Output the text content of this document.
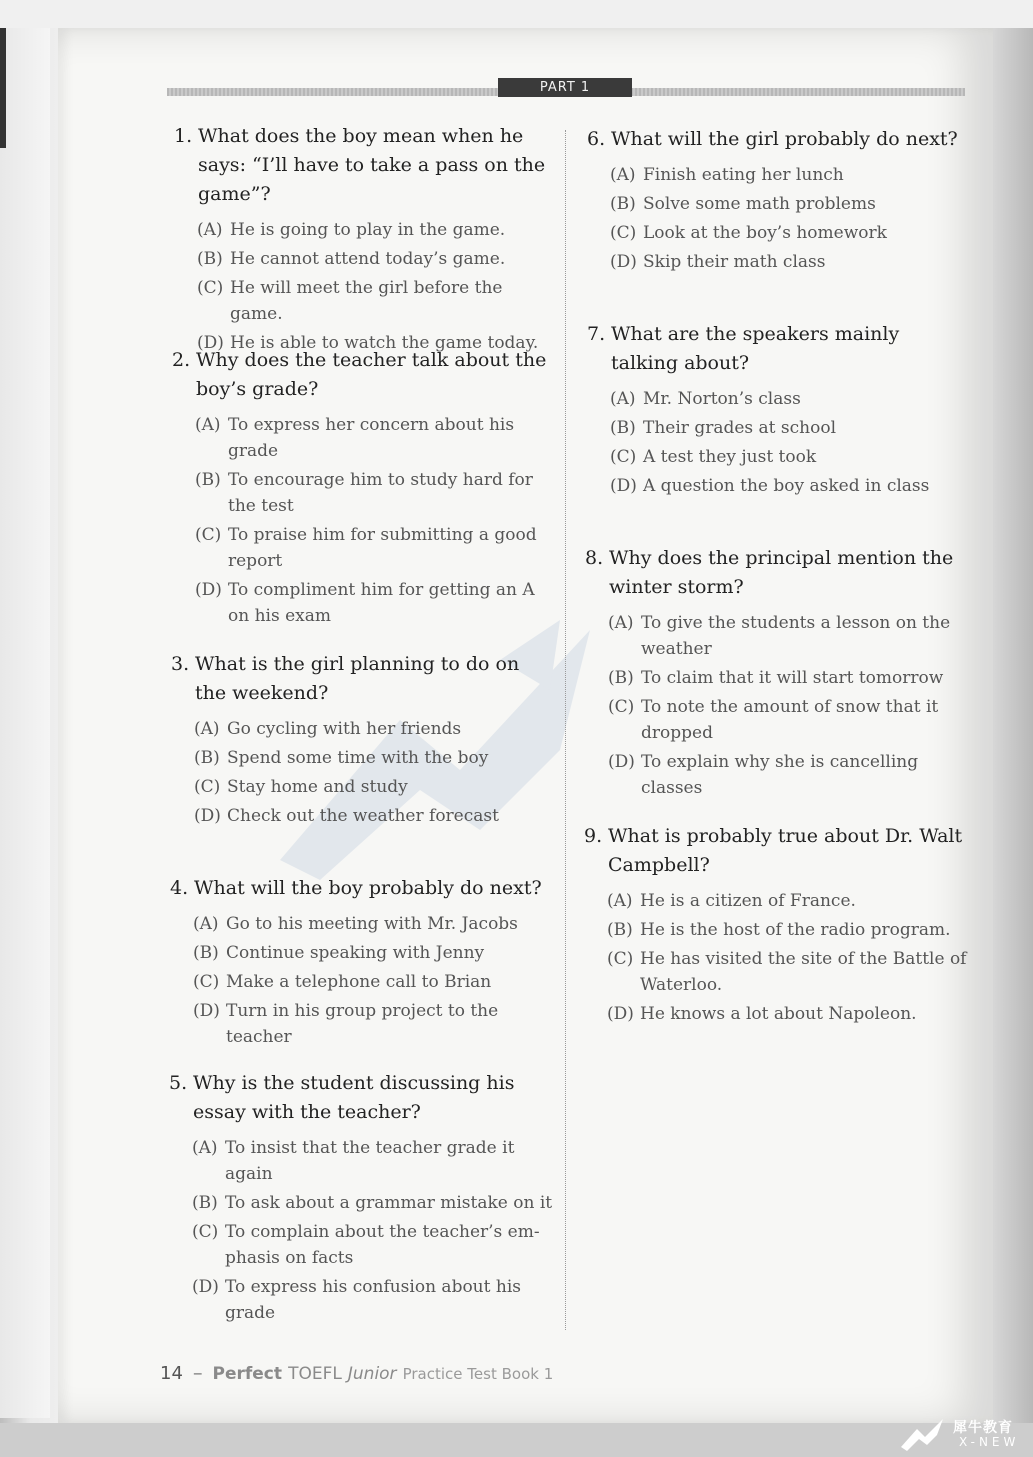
PART 1
1. What does the boy mean when he says: “I’ll have to take a pass on the game”?
(A) He is going to play in the game.
(B) He cannot attend today’s game.
(C) He will meet the girl before the game.
(D) He is able to watch the game today.
2. Why does the teacher talk about the boy’s grade?
(A) To express her concern about his grade
(B) To encourage him to study hard for the test
(C) To praise him for submitting a good report
(D) To compliment him for getting an A on his exam
3. What is the girl planning to do on the weekend?
(A) Go cycling with her friends
(B) Spend some time with the boy
(C) Stay home and study
(D) Check out the weather forecast
4. What will the boy probably do next?
(A) Go to his meeting with Mr. Jacobs
(B) Continue speaking with Jenny
(C) Make a telephone call to Brian
(D) Turn in his group project to the teacher
5. Why is the student discussing his essay with the teacher?
(A) To insist that the teacher grade it again
(B) To ask about a grammar mistake on it
(C) To complain about the teacher’s em-phasis on facts
(D) To express his confusion about his grade
6. What will the girl probably do next?
(A) Finish eating her lunch
(B) Solve some math problems
(C) Look at the boy’s homework
(D) Skip their math class
7. What are the speakers mainly talking about?
(A) Mr. Norton’s class
(B) Their grades at school
(C) A test they just took
(D) A question the boy asked in class
8. Why does the principal mention the winter storm?
(A) To give the students a lesson on the weather
(B) To claim that it will start tomorrow
(C) To note the amount of snow that it dropped
(D) To explain why she is cancelling classes
9. What is probably true about Dr. Walt Campbell?
(A) He is a citizen of France.
(B) He is the host of the radio program.
(C) He has visited the site of the Battle of Waterloo.
(D) He knows a lot about Napoleon.
14 – Perfect TOEFL Junior Practice Test Book 1
犀牛教育
X-NEW
